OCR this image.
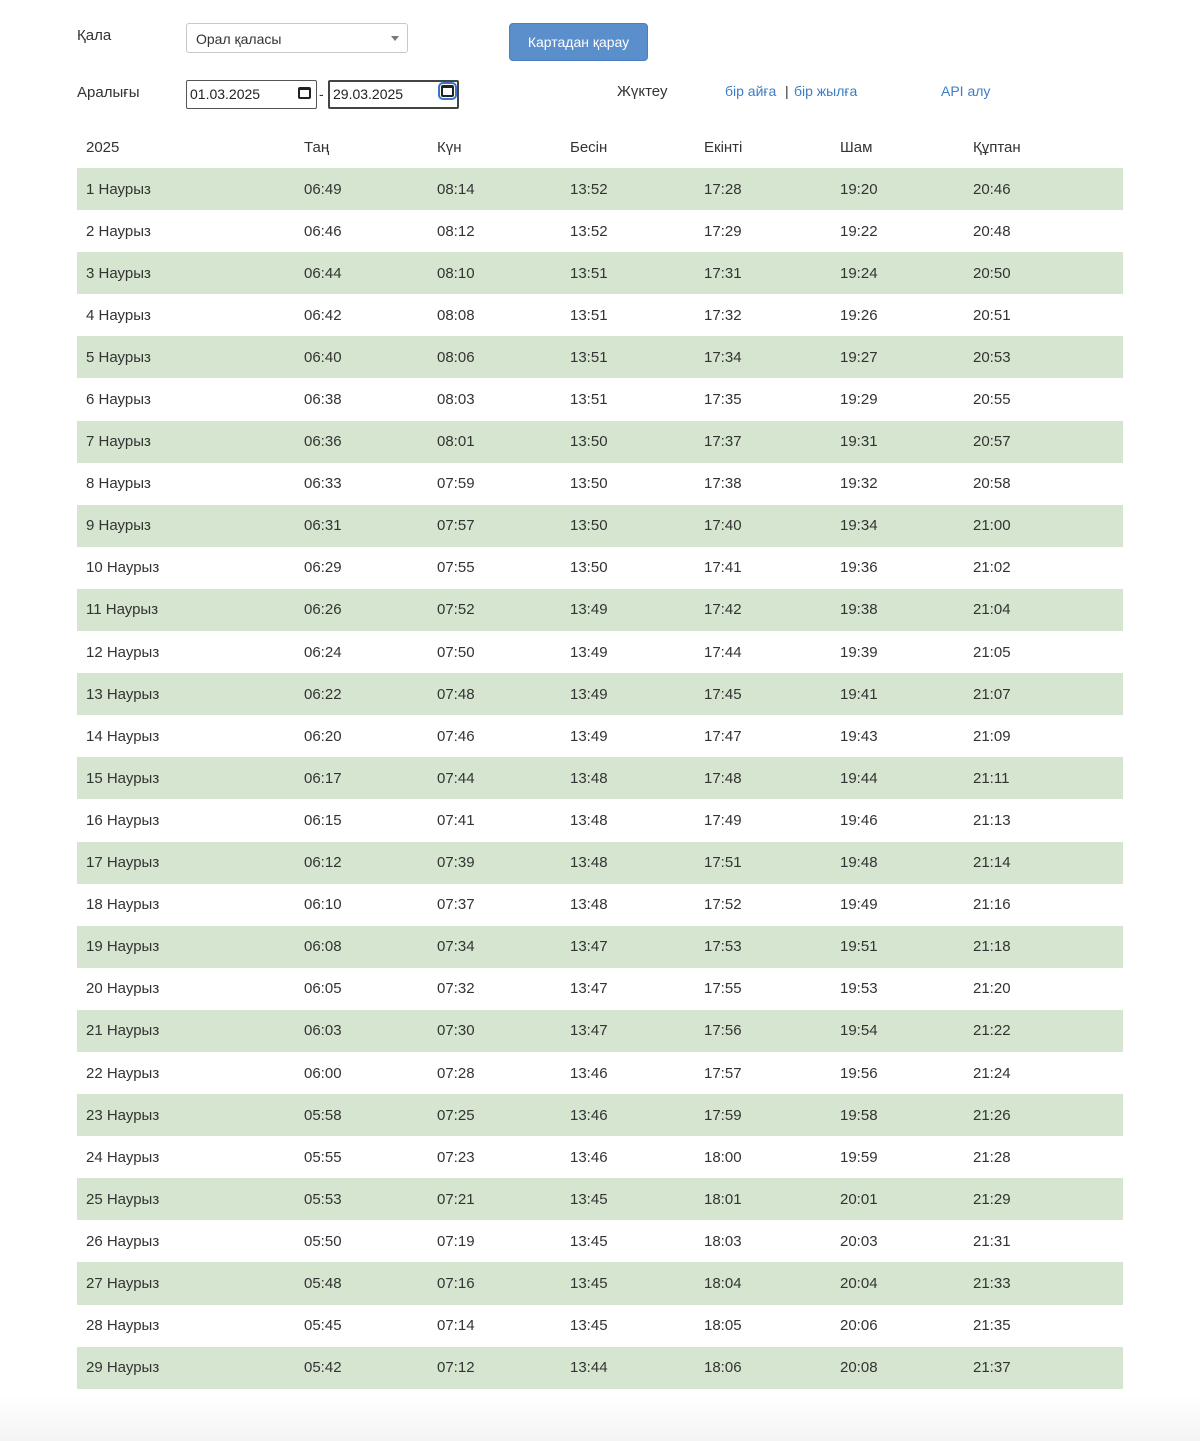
Қала	Орал қаласы	Картадан қарау
Аралығы	01.03.2025	- 29.03.2025	Жүктеу	бір айға | бір жылға	API алу
2025	Таң	Күн	Бесін	Екінті	Шам	Құптан
1 Наурыз	06:49	08:14	13:52	17:28	19:20	20:46
2 Наурыз	06:46	08:12	13:52	17:29	19:22	20:48
3 Наурыз	06:44	08:10	13:51	17:31	19:24	20:50
4 Наурыз	06:42	08:08	13:51	17:32	19:26	20:51
5 Наурыз	06:40	08:06	13:51	17:34	19:27	20:53
6 Наурыз	06:38	08:03	13:51	17:35	19:29	20:55
7 Наурыз	06:36	08:01	13:50	17:37	19:31	20:57
8 Наурыз	06:33	07:59	13:50	17:38	19:32	20:58
9 Наурыз	06:31	07:57	13:50	17:40	19:34	21:00
10 Наурыз	06:29	07:55	13:50	17:41	19:36	21:02
11 Наурыз	06:26	07:52	13:49	17:42	19:38	21:04
12 Наурыз	06:24	07:50	13:49	17:44	19:39	21:05
13 Наурыз	06:22	07:48	13:49	17:45	19:41	21:07
14 Наурыз	06:20	07:46	13:49	17:47	19:43	21:09
15 Наурыз	06:17	07:44	13:48	17:48	19:44	21:11
16 Наурыз	06:15	07:41	13:48	17:49	19:46	21:13
17 Наурыз	06:12	07:39	13:48	17:51	19:48	21:14
18 Наурыз	06:10	07:37	13:48	17:52	19:49	21:16
19 Наурыз	06:08	07:34	13:47	17:53	19:51	21:18
20 Наурыз	06:05	07:32	13:47	17:55	19:53	21:20
21 Наурыз	06:03	07:30	13:47	17:56	19:54	21:22
22 Наурыз	06:00	07:28	13:46	17:57	19:56	21:24
23 Наурыз	05:58	07:25	13:46	17:59	19:58	21:26
24 Наурыз	05:55	07:23	13:46	18:00	19:59	21:28
25 Наурыз	05:53	07:21	13:45	18:01	20:01	21:29
26 Наурыз	05:50	07:19	13:45	18:03	20:03	21:31
27 Наурыз	05:48	07:16	13:45	18:04	20:04	21:33
28 Наурыз	05:45	07:14	13:45	18:05	20:06	21:35
29 Наурыз	05:42	07:12	13:44	18:06	20:08	21:37
